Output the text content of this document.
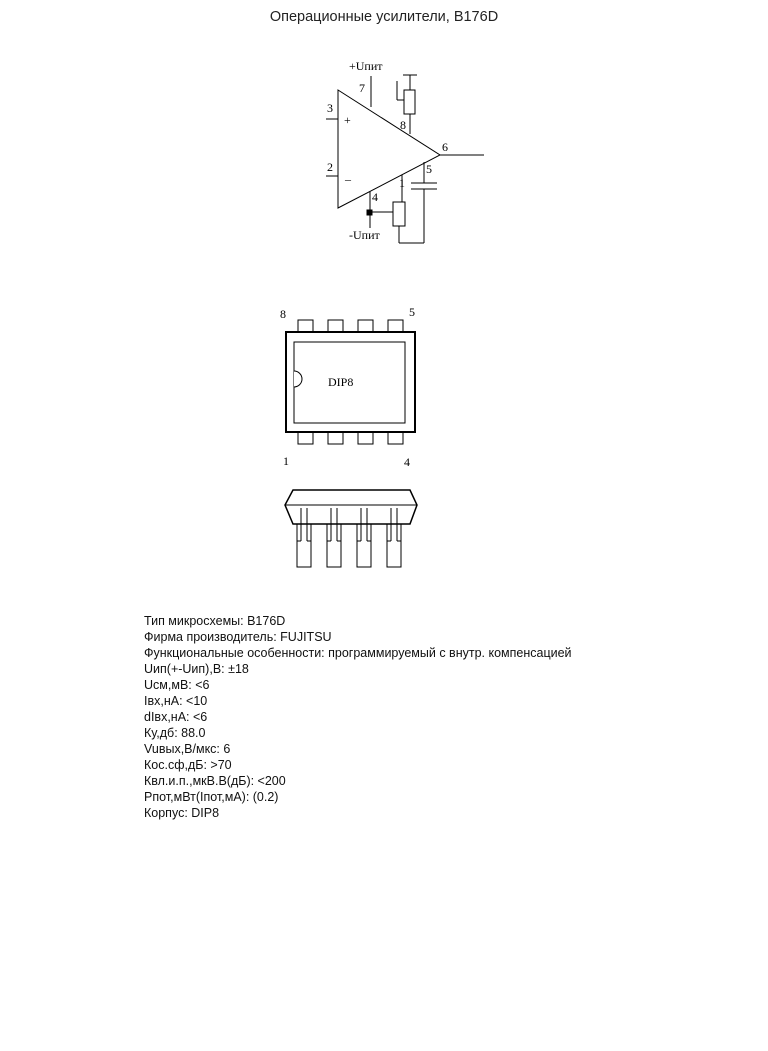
Операционные усилители, B176D
+Uпит
-Uпит
+
–
7
8
3
2
6
4
1
5
DIP8
8	5
1	4
Тип микросхемы: B176D
Фирма производитель: FUJITSU
Функциональные особенности: программируемый с внутр. компенсацией
Uип(+-Uип),В: ±18
Uсм,мВ: <6
Iвх,нА: <10
dIвх,нА: <6
Ку,дб: 88.0
Vuвых,В/мкс: 6
Кос.сф,дБ: >70
Квл.и.п.,мкВ.В(дБ): <200
Pпот,мВт(Iпот,мА): (0.2)
Корпус: DIP8
